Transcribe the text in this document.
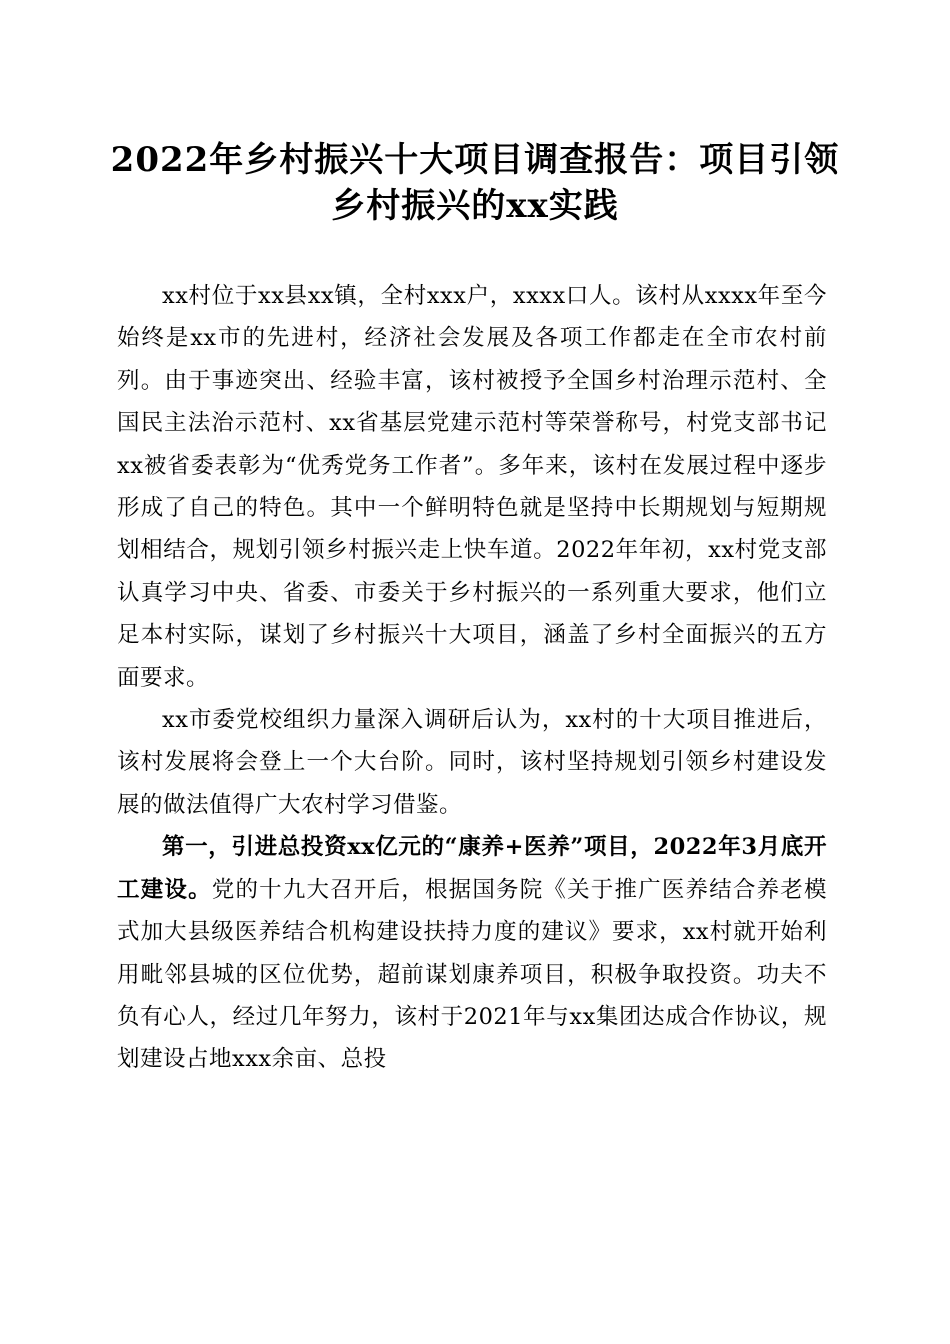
2022年乡村振兴十大项目调查报告：项目引领乡村振兴的xx实践

xx村位于xx县xx镇，全村xxx户，xxxx口人。该村从xxxx年至今始终是xx市的先进村，经济社会发展及各项工作都走在全市农村前列。由于事迹突出、经验丰富，该村被授予全国乡村治理示范村、全国民主法治示范村、xx省基层党建示范村等荣誉称号，村党支部书记xx被省委表彰为“优秀党务工作者”。多年来，该村在发展过程中逐步形成了自己的特色。其中一个鲜明特色就是坚持中长期规划与短期规划相结合，规划引领乡村振兴走上快车道。2022年年初，xx村党支部认真学习中央、省委、市委关于乡村振兴的一系列重大要求，他们立足本村实际，谋划了乡村振兴十大项目，涵盖了乡村全面振兴的五方面要求。

xx市委党校组织力量深入调研后认为，xx村的十大项目推进后，该村发展将会登上一个大台阶。同时，该村坚持规划引领乡村建设发展的做法值得广大农村学习借鉴。

第一，引进总投资xx亿元的“康养+医养”项目，2022年3月底开工建设。党的十九大召开后，根据国务院《关于推广医养结合养老模式加大县级医养结合机构建设扶持力度的建议》要求，xx村就开始利用毗邻县城的区位优势，超前谋划康养项目，积极争取投资。功夫不负有心人，经过几年努力，该村于2021年与xx集团达成合作协议，规划建设占地xxx余亩、总投
